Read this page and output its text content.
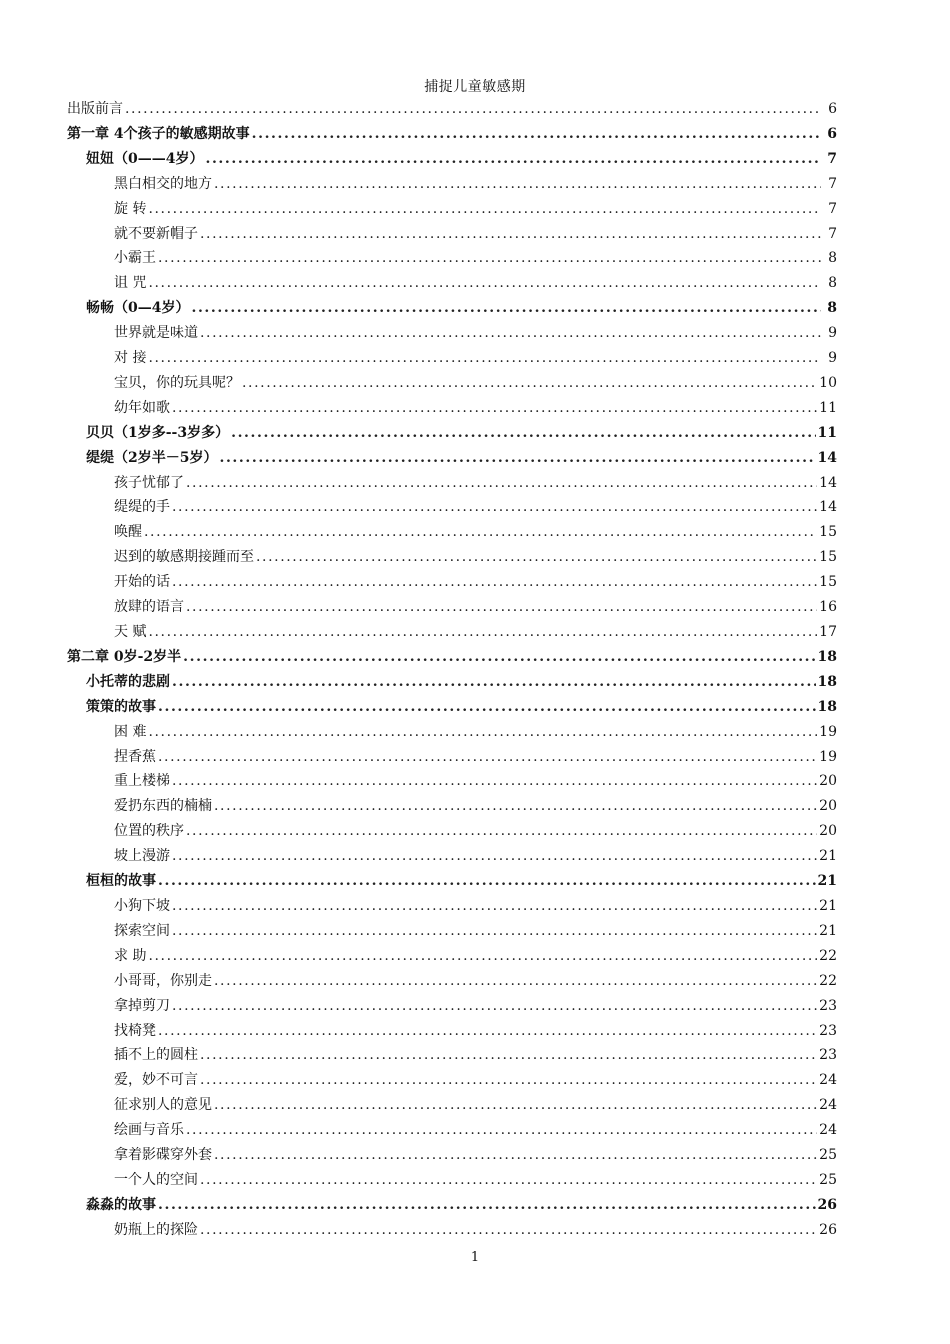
捕捉儿童敏感期
出版前言 .....	6
第一章 4个孩子的敏感期故事 .....	6
妞妞（0——4岁） .....	7
黑白相交的地方 .....	7
旋 转 .....	7
就不要新帽子 .....	7
小霸王 .....	8
诅 咒 .....	8
畅畅（0—4岁） .....	8
世界就是味道 .....	9
对 接 .....	9
宝贝，你的玩具呢？ .....	10
幼年如歌 .....	11
贝贝（1岁多--3岁多） .....	11
缇缇（2岁半－5岁） .....	14
孩子忧郁了 .....	14
缇缇的手 .....	14
唤醒 .....	15
迟到的敏感期接踵而至 .....	15
开始的话 .....	15
放肆的语言 .....	16
天 赋 .....	17
第二章 0岁-2岁半 .....	18
小托蒂的悲剧 .....	18
策策的故事 .....	18
困 难 .....	19
捏香蕉 .....	19
重上楼梯 .....	20
爱扔东西的楠楠 .....	20
位置的秩序 .....	20
坡上漫游 .....	21
桓桓的故事 .....	21
小狗下坡 .....	21
探索空间 .....	21
求 助 .....	22
小哥哥，你别走 .....	22
拿掉剪刀 .....	23
找椅凳 .....	23
插不上的圆柱 .....	23
爱，妙不可言 .....	24
征求别人的意见 .....	24
绘画与音乐 .....	24
拿着影碟穿外套 .....	25
一个人的空间 .....	25
淼淼的故事 .....	26
奶瓶上的探险 .....	26
1
